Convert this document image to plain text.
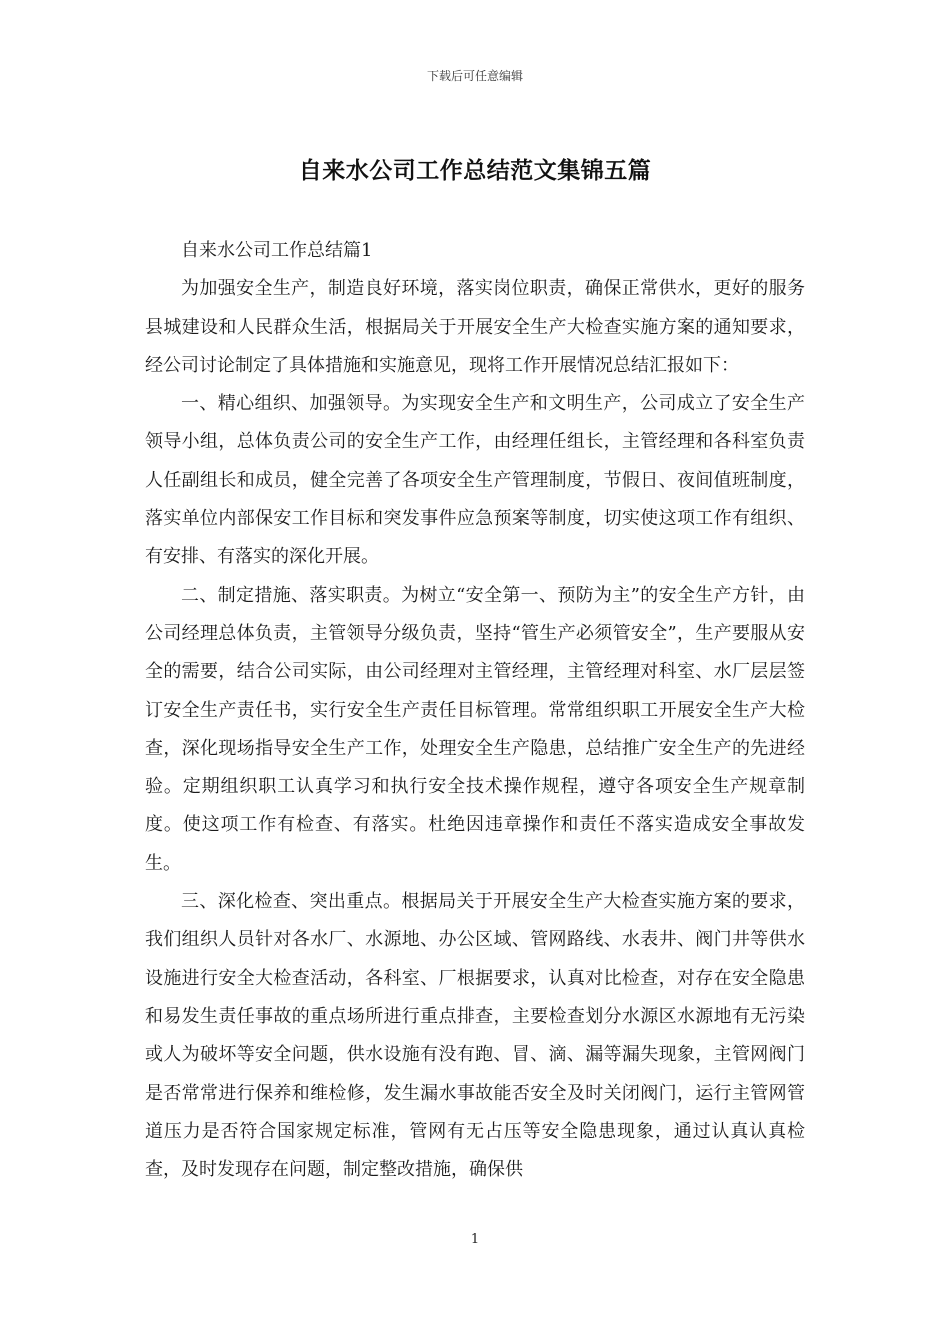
下载后可任意编辑
自来水公司工作总结范文集锦五篇

自来水公司工作总结篇1

为加强安全生产，制造良好环境，落实岗位职责，确保正常供水，更好的服务县城建设和人民群众生活，根据局关于开展安全生产大检查实施方案的通知要求，经公司讨论制定了具体措施和实施意见，现将工作开展情况总结汇报如下：

一、精心组织、加强领导。为实现安全生产和文明生产，公司成立了安全生产领导小组，总体负责公司的安全生产工作，由经理任组长，主管经理和各科室负责人任副组长和成员，健全完善了各项安全生产管理制度，节假日、夜间值班制度，落实单位内部保安工作目标和突发事件应急预案等制度，切实使这项工作有组织、有安排、有落实的深化开展。

二、制定措施、落实职责。为树立“安全第一、预防为主”的安全生产方针，由公司经理总体负责，主管领导分级负责，坚持“管生产必须管安全”，生产要服从安全的需要，结合公司实际，由公司经理对主管经理，主管经理对科室、水厂层层签订安全生产责任书，实行安全生产责任目标管理。常常组织职工开展安全生产大检查，深化现场指导安全生产工作，处理安全生产隐患，总结推广安全生产的先进经验。定期组织职工认真学习和执行安全技术操作规程，遵守各项安全生产规章制度。使这项工作有检查、有落实。杜绝因违章操作和责任不落实造成安全事故发生。

三、深化检查、突出重点。根据局关于开展安全生产大检查实施方案的要求，我们组织人员针对各水厂、水源地、办公区域、管网路线、水表井、阀门井等供水设施进行安全大检查活动，各科室、厂根据要求，认真对比检查，对存在安全隐患和易发生责任事故的重点场所进行重点排查，主要检查划分水源区水源地有无污染或人为破坏等安全问题，供水设施有没有跑、冒、滴、漏等漏失现象，主管网阀门是否常常进行保养和维检修，发生漏水事故能否安全及时关闭阀门，运行主管网管道压力是否符合国家规定标准，管网有无占压等安全隐患现象，通过认真认真检查，及时发现存在问题，制定整改措施，确保供

1
